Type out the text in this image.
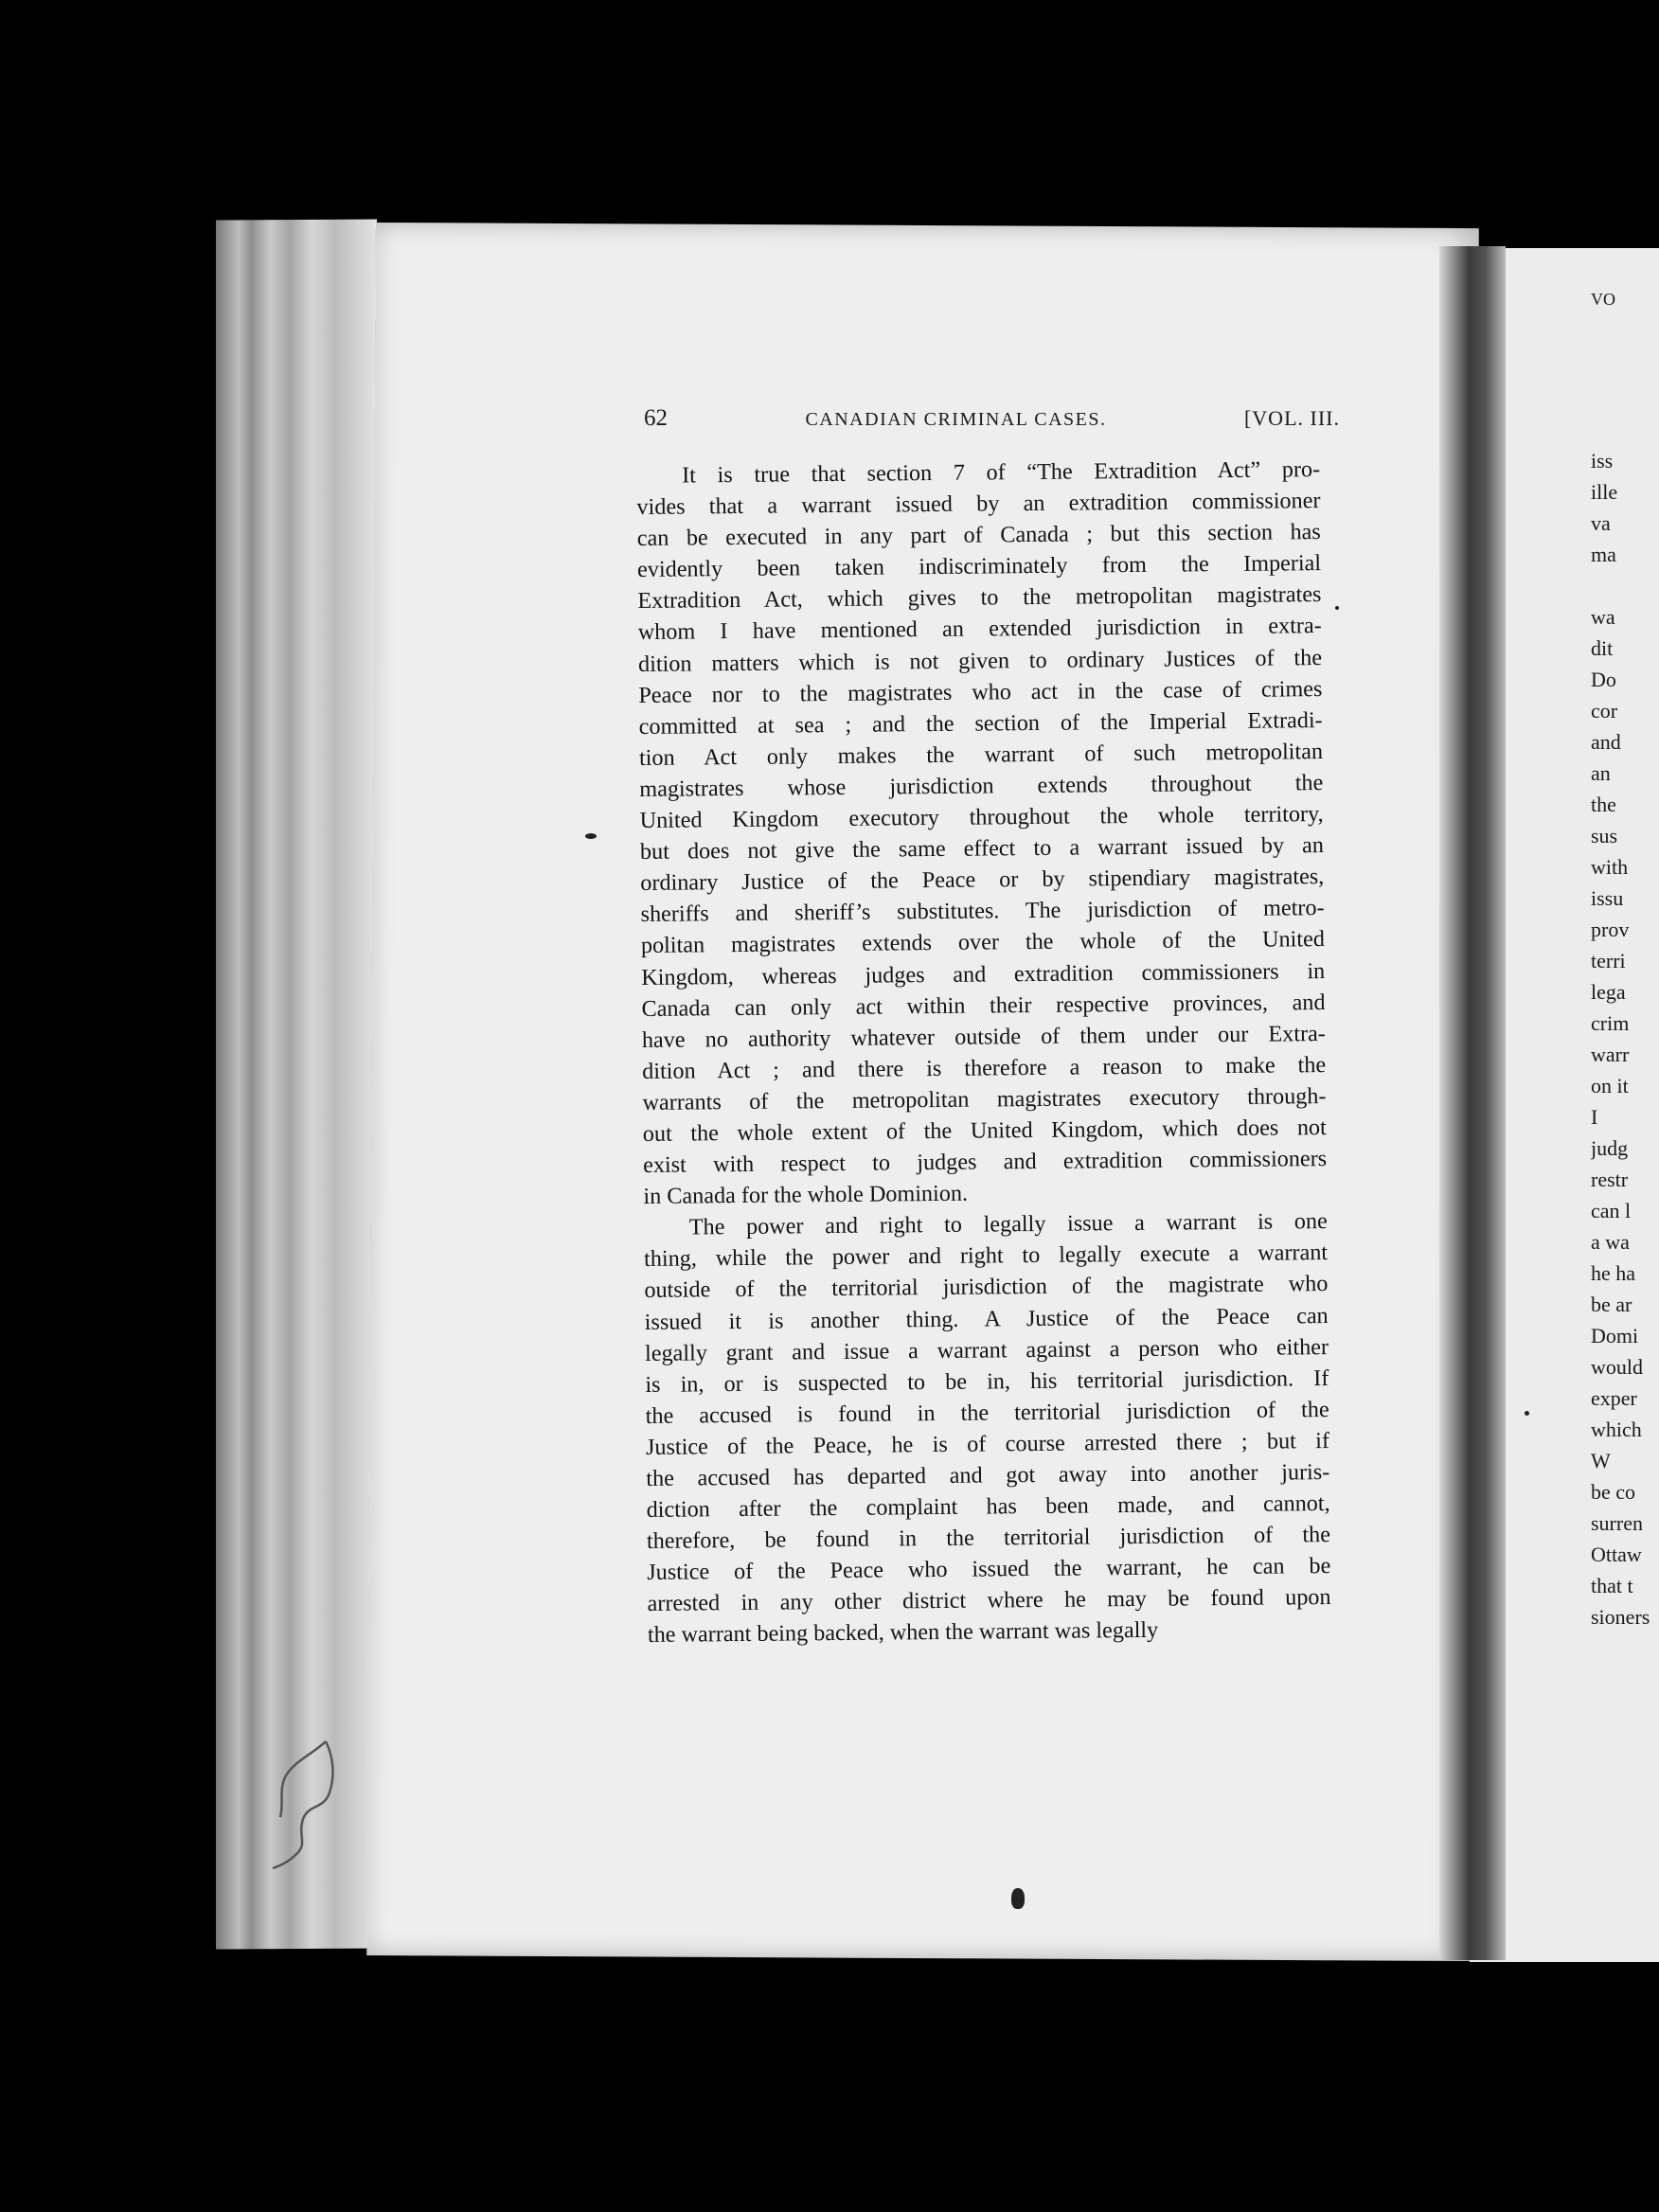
62	CANADIAN CRIMINAL CASES.	[VOL. III.
It is true that section 7 of “The Extradition Act” pro-
vides that a warrant issued by an extradition commissioner
can be executed in any part of Canada ; but this section has
evidently been taken indiscriminately from the Imperial
Extradition Act, which gives to the metropolitan magistrates
whom I have mentioned an extended jurisdiction in extra-
dition matters which is not given to ordinary Justices of the
Peace nor to the magistrates who act in the case of crimes
committed at sea ; and the section of the Imperial Extradi-
tion Act only makes the warrant of such metropolitan
magistrates whose jurisdiction extends throughout the
United Kingdom executory throughout the whole territory,
but does not give the same effect to a warrant issued by an
ordinary Justice of the Peace or by stipendiary magistrates,
sheriffs and sheriff’s substitutes. The jurisdiction of metro-
politan magistrates extends over the whole of the United
Kingdom, whereas judges and extradition commissioners in
Canada can only act within their respective provinces, and
have no authority whatever outside of them under our Extra-
dition Act ; and there is therefore a reason to make the
warrants of the metropolitan magistrates executory through-
out the whole extent of the United Kingdom, which does not
exist with respect to judges and extradition commissioners
in Canada for the whole Dominion.
The power and right to legally issue a warrant is one
thing, while the power and right to legally execute a warrant
outside of the territorial jurisdiction of the magistrate who
issued it is another thing. A Justice of the Peace can
legally grant and issue a warrant against a person who either
is in, or is suspected to be in, his territorial jurisdiction. If
the accused is found in the territorial jurisdiction of the
Justice of the Peace, he is of course arrested there ; but if
the accused has departed and got away into another juris-
diction after the complaint has been made, and cannot,
therefore, be found in the territorial jurisdiction of the
Justice of the Peace who issued the warrant, he can be
arrested in any other district where he may be found upon
the warrant being backed, when the warrant was legally
VO
iss
ille
va
ma
wa
dit
Do
cor
and
an
the
sus
with
issu
prov
terri
lega
crim
warr
on it
I
judg
restr
can l
a wa
he ha
be ar
Domi
would
exper
which
W
be co
surren
Ottaw
that t
sioners
